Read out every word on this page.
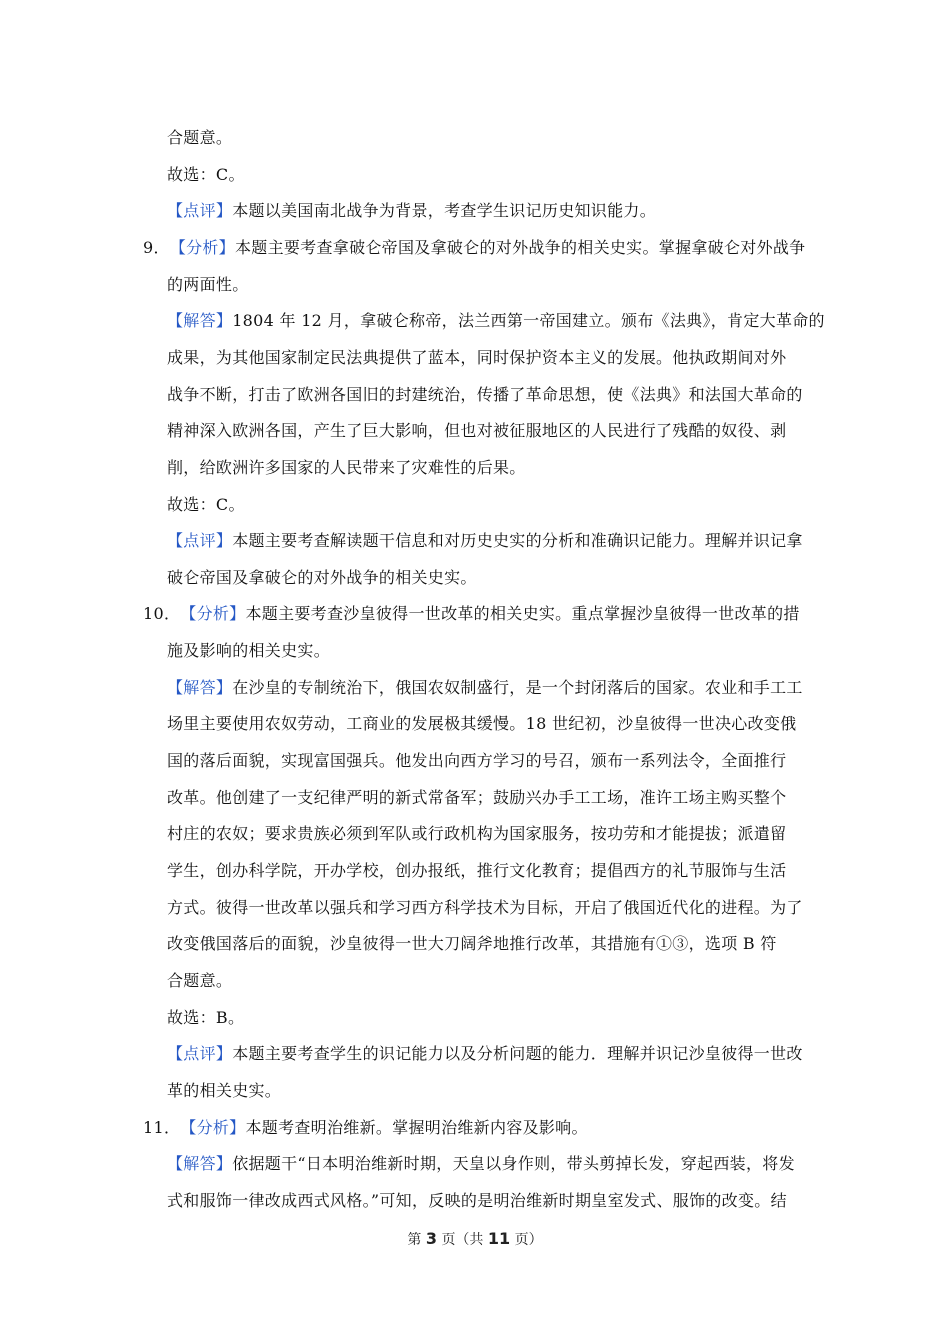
合题意。
故选：C。
【点评】本题以美国南北战争为背景，考查学生识记历史知识能力。
9．【分析】本题主要考查拿破仑帝国及拿破仑的对外战争的相关史实。掌握拿破仑对外战争
的两面性。
【解答】1804 年 12 月，拿破仑称帝，法兰西第一帝国建立。颁布《法典》，肯定大革命的
成果，为其他国家制定民法典提供了蓝本，同时保护资本主义的发展。他执政期间对外
战争不断，打击了欧洲各国旧的封建统治，传播了革命思想，使《法典》和法国大革命的
精神深入欧洲各国，产生了巨大影响，但也对被征服地区的人民进行了残酷的奴役、剥
削，给欧洲许多国家的人民带来了灾难性的后果。
故选：C。
【点评】本题主要考查解读题干信息和对历史史实的分析和准确识记能力。理解并识记拿
破仑帝国及拿破仑的对外战争的相关史实。
10．【分析】本题主要考查沙皇彼得一世改革的相关史实。重点掌握沙皇彼得一世改革的措
施及影响的相关史实。
【解答】在沙皇的专制统治下，俄国农奴制盛行，是一个封闭落后的国家。农业和手工工
场里主要使用农奴劳动，工商业的发展极其缓慢。18 世纪初，沙皇彼得一世决心改变俄
国的落后面貌，实现富国强兵。他发出向西方学习的号召，颁布一系列法令，全面推行
改革。他创建了一支纪律严明的新式常备军；鼓励兴办手工工场，准许工场主购买整个
村庄的农奴；要求贵族必须到军队或行政机构为国家服务，按功劳和才能提拔；派遣留
学生，创办科学院，开办学校，创办报纸，推行文化教育；提倡西方的礼节服饰与生活
方式。彼得一世改革以强兵和学习西方科学技术为目标，开启了俄国近代化的进程。为了
改变俄国落后的面貌，沙皇彼得一世大刀阔斧地推行改革，其措施有①③，选项 B 符
合题意。
故选：B。
【点评】本题主要考查学生的识记能力以及分析问题的能力．理解并识记沙皇彼得一世改
革的相关史实。
11．【分析】本题考查明治维新。掌握明治维新内容及影响。
【解答】依据题干“日本明治维新时期，天皇以身作则，带头剪掉长发，穿起西装，将发
式和服饰一律改成西式风格。”可知，反映的是明治维新时期皇室发式、服饰的改变。结
第 3 页（共 11 页）
